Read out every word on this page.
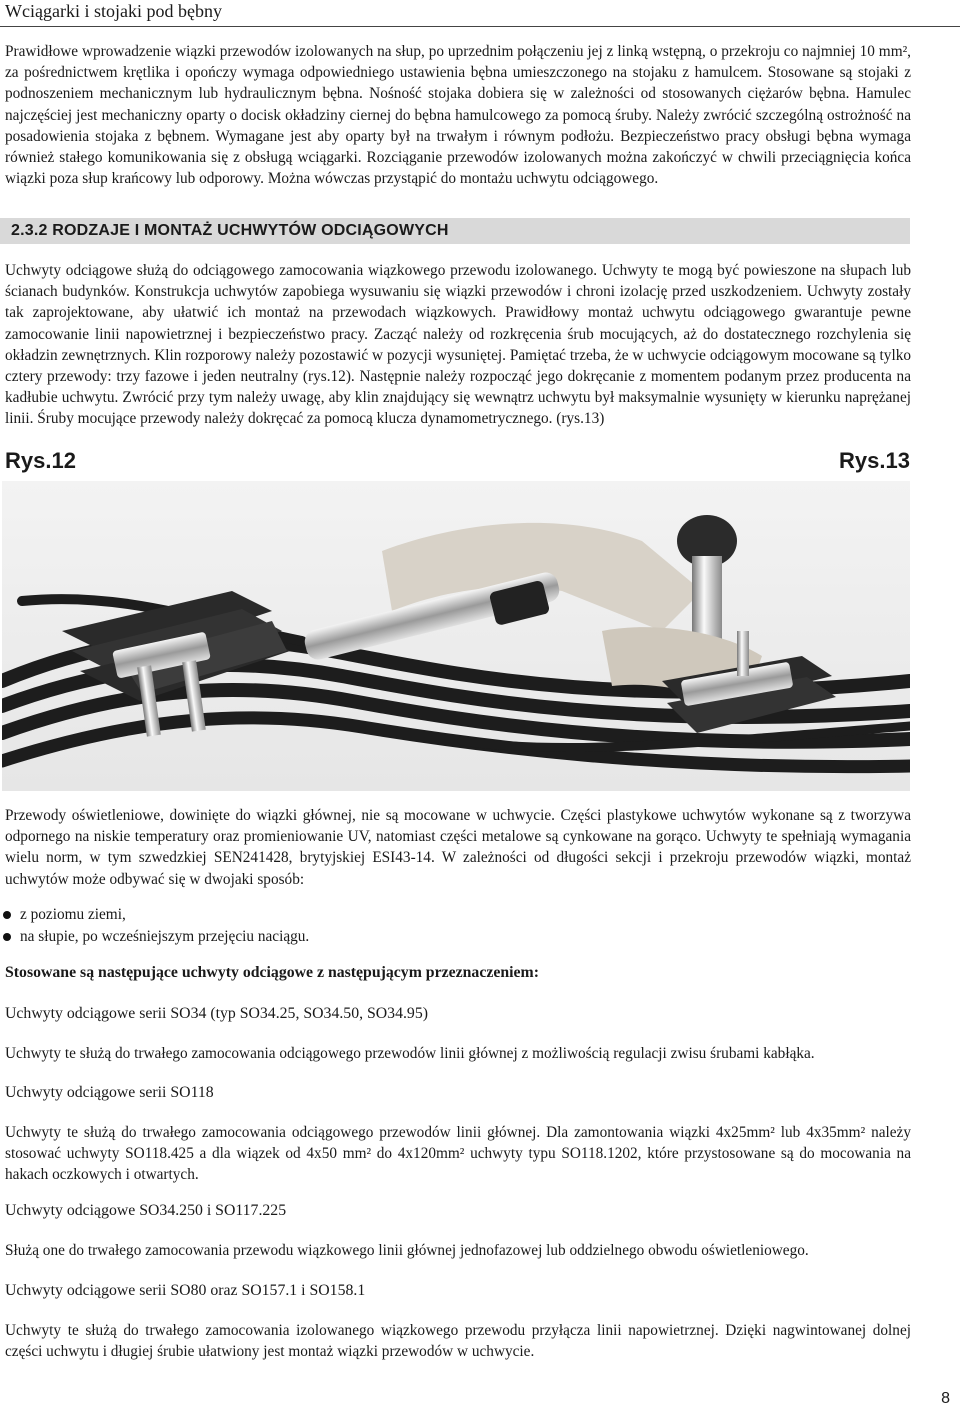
Wciągarki i stojaki pod bębny

Prawidłowe wprowadzenie wiązki przewodów izolowanych na słup, po uprzednim połączeniu jej z linką wstępną, o przekroju co najmniej 10 mm², za pośrednictwem krętlika i opończy wymaga odpowiedniego ustawienia bębna umieszczonego na stojaku z hamulcem. Stosowane są stojaki z podnoszeniem mechanicznym lub hydraulicznym bębna. Nośność stojaka dobiera się w zależności od stosowanych ciężarów bębna. Hamulec najczęściej jest mechaniczny oparty o docisk okładziny ciernej do bębna hamulcowego za pomocą śruby. Należy zwrócić szczególną ostrożność na posadowienia stojaka z bębnem. Wymagane jest aby oparty był na trwałym i równym podłożu. Bezpieczeństwo pracy obsługi bębna wymaga również stałego komunikowania się z obsługą wciągarki. Rozciąganie przewodów izolowanych można zakończyć w chwili przeciągnięcia końca wiązki poza słup krańcowy lub odporowy. Można wówczas przystąpić do montażu uchwytu odciągowego.

2.3.2 RODZAJE I MONTAŻ UCHWYTÓW ODCIĄGOWYCH

Uchwyty odciągowe służą do odciągowego zamocowania wiązkowego przewodu izolowanego. Uchwyty te mogą być powieszone na słupach lub ścianach budynków. Konstrukcja uchwytów zapobiega wysuwaniu się wiązki przewodów i chroni izolację przed uszkodzeniem. Uchwyty zostały tak zaprojektowane, aby ułatwić ich montaż na przewodach wiązkowych. Prawidłowy montaż uchwytu odciągowego gwarantuje pewne zamocowanie linii napowietrznej i bezpieczeństwo pracy. Zacząć należy od rozkręcenia śrub mocujących, aż do dostatecznego rozchylenia się okładzin zewnętrznych. Klin rozporowy należy pozostawić w pozycji wysuniętej. Pamiętać trzeba, że w uchwycie odciągowym mocowane są tylko cztery przewody: trzy fazowe i jeden neutralny (rys.12). Następnie należy rozpocząć jego dokręcanie z momentem podanym przez producenta na kadłubie uchwytu. Zwrócić przy tym należy uwagę, aby klin znajdujący się wewnątrz uchwytu był maksymalnie wysunięty w kierunku naprężanej linii. Śruby mocujące przewody należy dokręcać za pomocą klucza dynamometrycznego. (rys.13)

Rys.12	Rys.13

Przewody oświetleniowe, dowinięte do wiązki głównej, nie są mocowane w uchwycie. Części plastykowe uchwytów wykonane są z tworzywa odpornego na niskie temperatury oraz promieniowanie UV, natomiast części metalowe są cynkowane na gorąco. Uchwyty te spełniają wymagania wielu norm, w tym szwedzkiej SEN241428, brytyjskiej ESI43-14. W zależności od długości sekcji i przekroju przewodów wiązki, montaż uchwytów może odbywać się w dwojaki sposób:

z poziomu ziemi,
na słupie, po wcześniejszym przejęciu naciągu.
Stosowane są następujące uchwyty odciągowe z następującym przeznaczeniem:
Uchwyty odciągowe serii SO34 (typ SO34.25, SO34.50, SO34.95)

Uchwyty te służą do trwałego zamocowania odciągowego przewodów linii głównej z możliwością regulacji zwisu śrubami kabłąka.

Uchwyty odciągowe serii SO118

Uchwyty te służą do trwałego zamocowania odciągowego przewodów linii głównej. Dla zamontowania wiązki 4x25mm² lub 4x35mm² należy stosować uchwyty SO118.425 a dla wiązek od 4x50 mm² do 4x120mm² uchwyty typu SO118.1202, które przystosowane są do mocowania na hakach oczkowych i otwartych.

Uchwyty odciągowe SO34.250 i SO117.225

Służą one do trwałego zamocowania przewodu wiązkowego linii głównej jednofazowej lub oddzielnego obwodu oświetleniowego.

Uchwyty odciągowe serii SO80 oraz SO157.1 i SO158.1

Uchwyty te służą do trwałego zamocowania izolowanego wiązkowego przewodu przyłącza linii napowietrznej. Dzięki nagwintowanej dolnej części uchwytu i długiej śrubie ułatwiony jest montaż wiązki przewodów w uchwycie.

8
